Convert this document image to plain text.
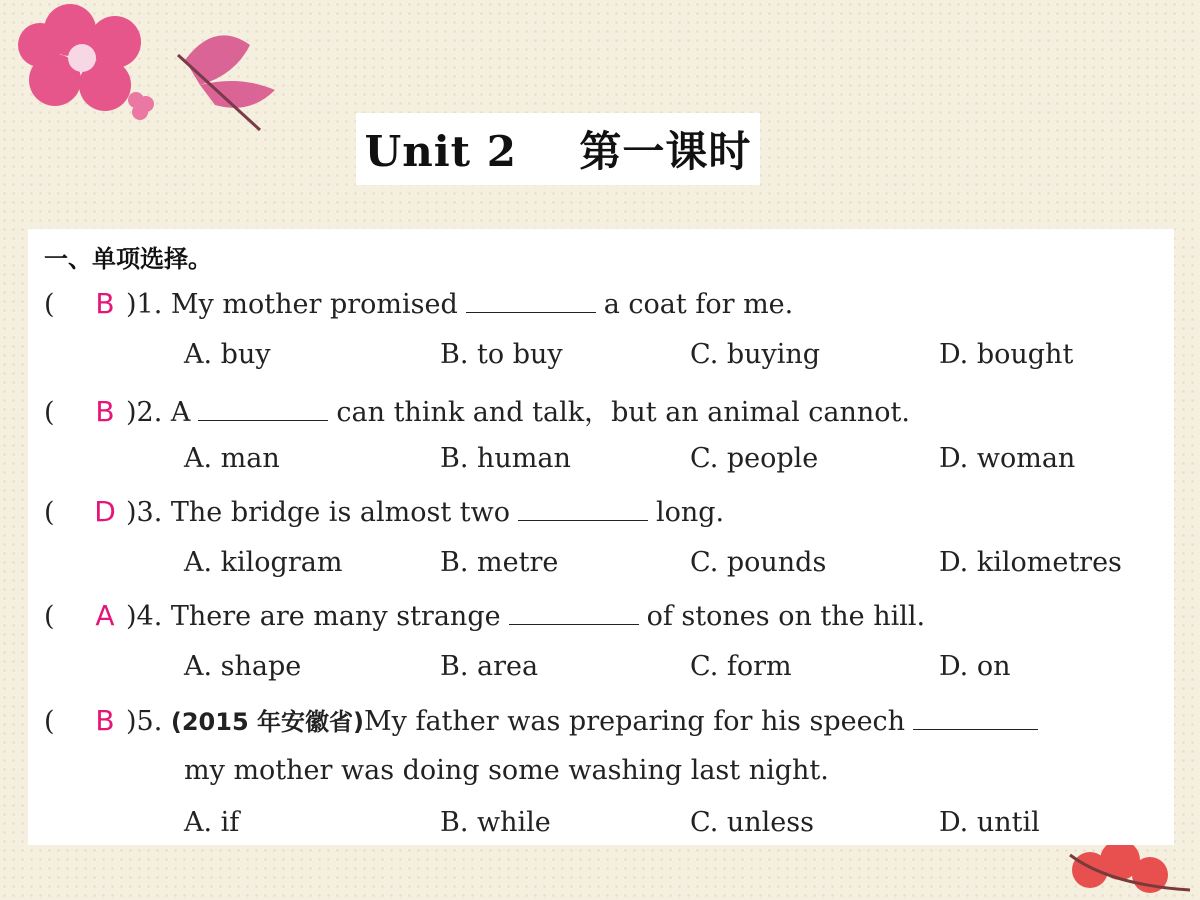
Unit 2    第一课时
一、单项选择。
( B )1. My mother promised	a coat for me.
A. buy	B. to buy	C. buying	D. bought
( B )2. A	can think and talk，but an animal cannot.
A. man	B. human	C. people	D. woman
( D )3. The bridge is almost two	long.
A. kilogram	B. metre	C. pounds	D. kilometres
( A )4. There are many strange	of stones on the hill.
A. shape	B. area	C. form	D. on
( B )5. (2015 年安徽省)My father was preparing for his speech
my mother was doing some washing last night.
A. if	B. while	C. unless	D. until
